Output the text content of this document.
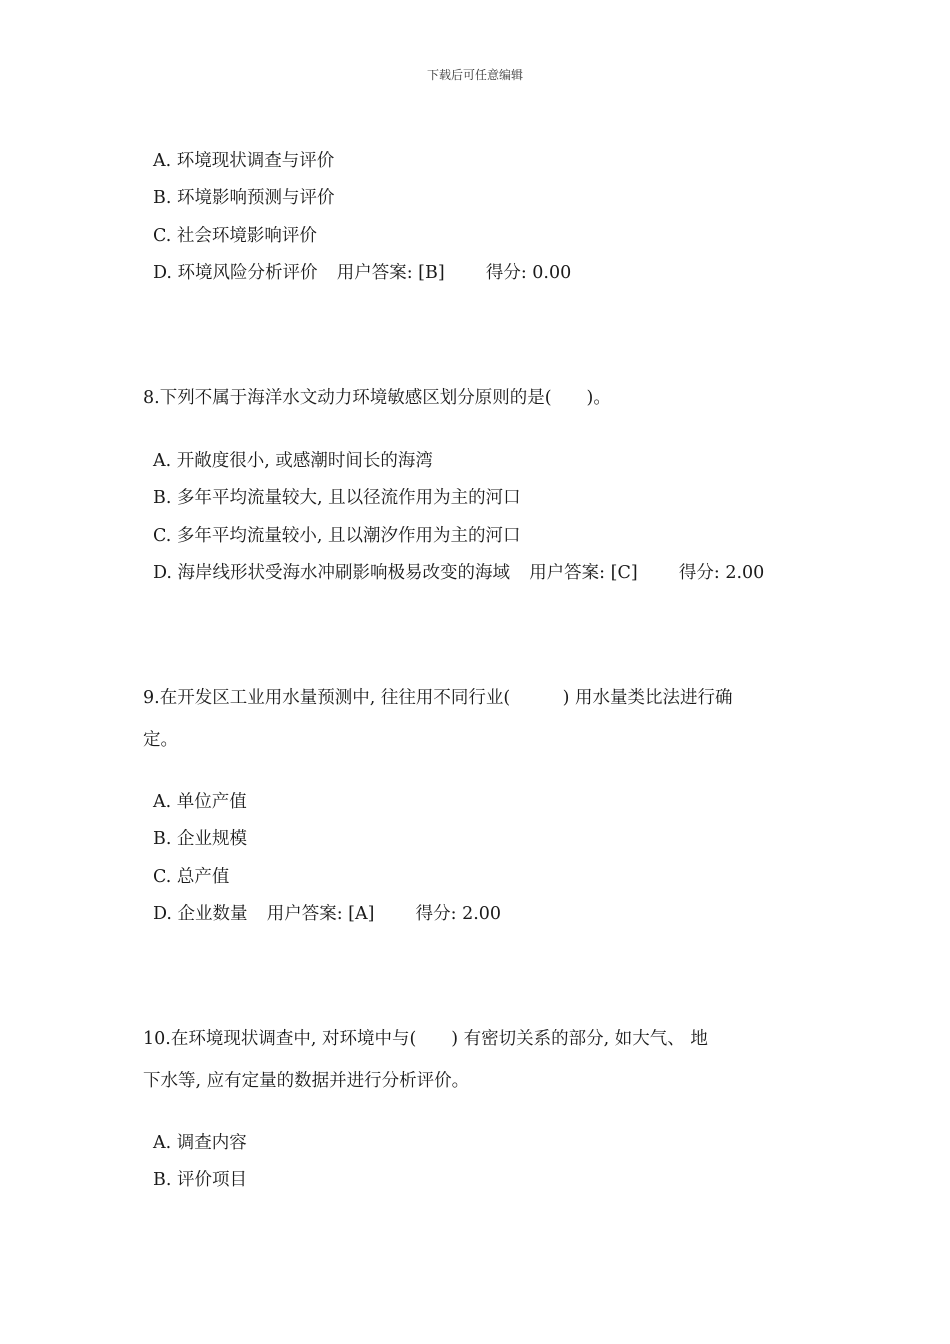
下载后可任意编辑
A. 环境现状调查与评价
B. 环境影响预测与评价
C. 社会环境影响评价
D. 环境风险分析评价 用户答案: [B] 得分: 0.00
8.下列不属于海洋水文动力环境敏感区划分原则的是(　　)。
A. 开敞度很小, 或感潮时间长的海湾
B. 多年平均流量较大, 且以径流作用为主的河口
C. 多年平均流量较小, 且以潮汐作用为主的河口
D. 海岸线形状受海水冲刷影响极易改变的海域 用户答案: [C] 得分: 2.00
9.在开发区工业用水量预测中, 往往用不同行业(　　　) 用水量类比法进行确
定。
A. 单位产值
B. 企业规模
C. 总产值
D. 企业数量 用户答案: [A] 得分: 2.00
10.在环境现状调查中, 对环境中与(　　) 有密切关系的部分, 如大气、 地
下水等, 应有定量的数据并进行分析评价。
A. 调查内容
B. 评价项目
